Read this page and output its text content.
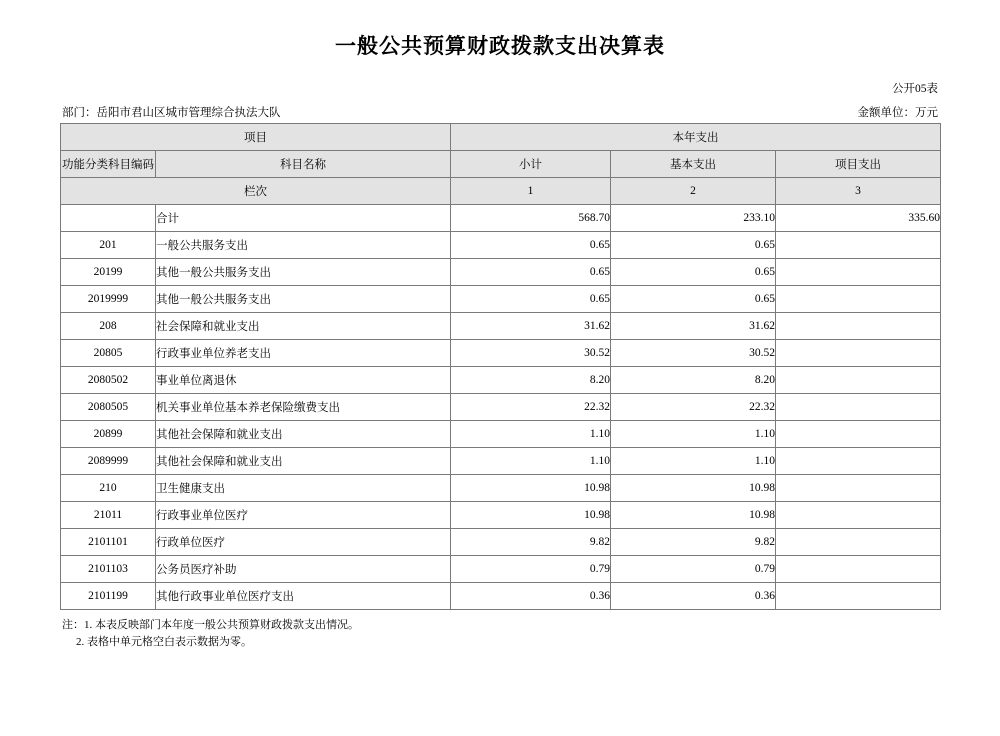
一般公共预算财政拨款支出决算表
公开05表
部门：岳阳市君山区城市管理综合执法大队	金额单位：万元
项目		本年支出		
功能分类科目编码	科目名称	小计	基本支出	项目支出
栏次		1	2	3
	合计	568.70	233.10	335.60
201	一般公共服务支出	0.65	0.65	
20199	其他一般公共服务支出	0.65	0.65	
2019999	其他一般公共服务支出	0.65	0.65	
208	社会保障和就业支出	31.62	31.62	
20805	行政事业单位养老支出	30.52	30.52	
2080502	事业单位离退休	8.20	8.20	
2080505	机关事业单位基本养老保险缴费支出	22.32	22.32	
20899	其他社会保障和就业支出	1.10	1.10	
2089999	其他社会保障和就业支出	1.10	1.10	
210	卫生健康支出	10.98	10.98	
21011	行政事业单位医疗	10.98	10.98	
2101101	行政单位医疗	9.82	9.82	
2101103	公务员医疗补助	0.79	0.79	
2101199	其他行政事业单位医疗支出	0.36	0.36	
注：1. 本表反映部门本年度一般公共预算财政拨款支出情况。
2. 表格中单元格空白表示数据为零。
